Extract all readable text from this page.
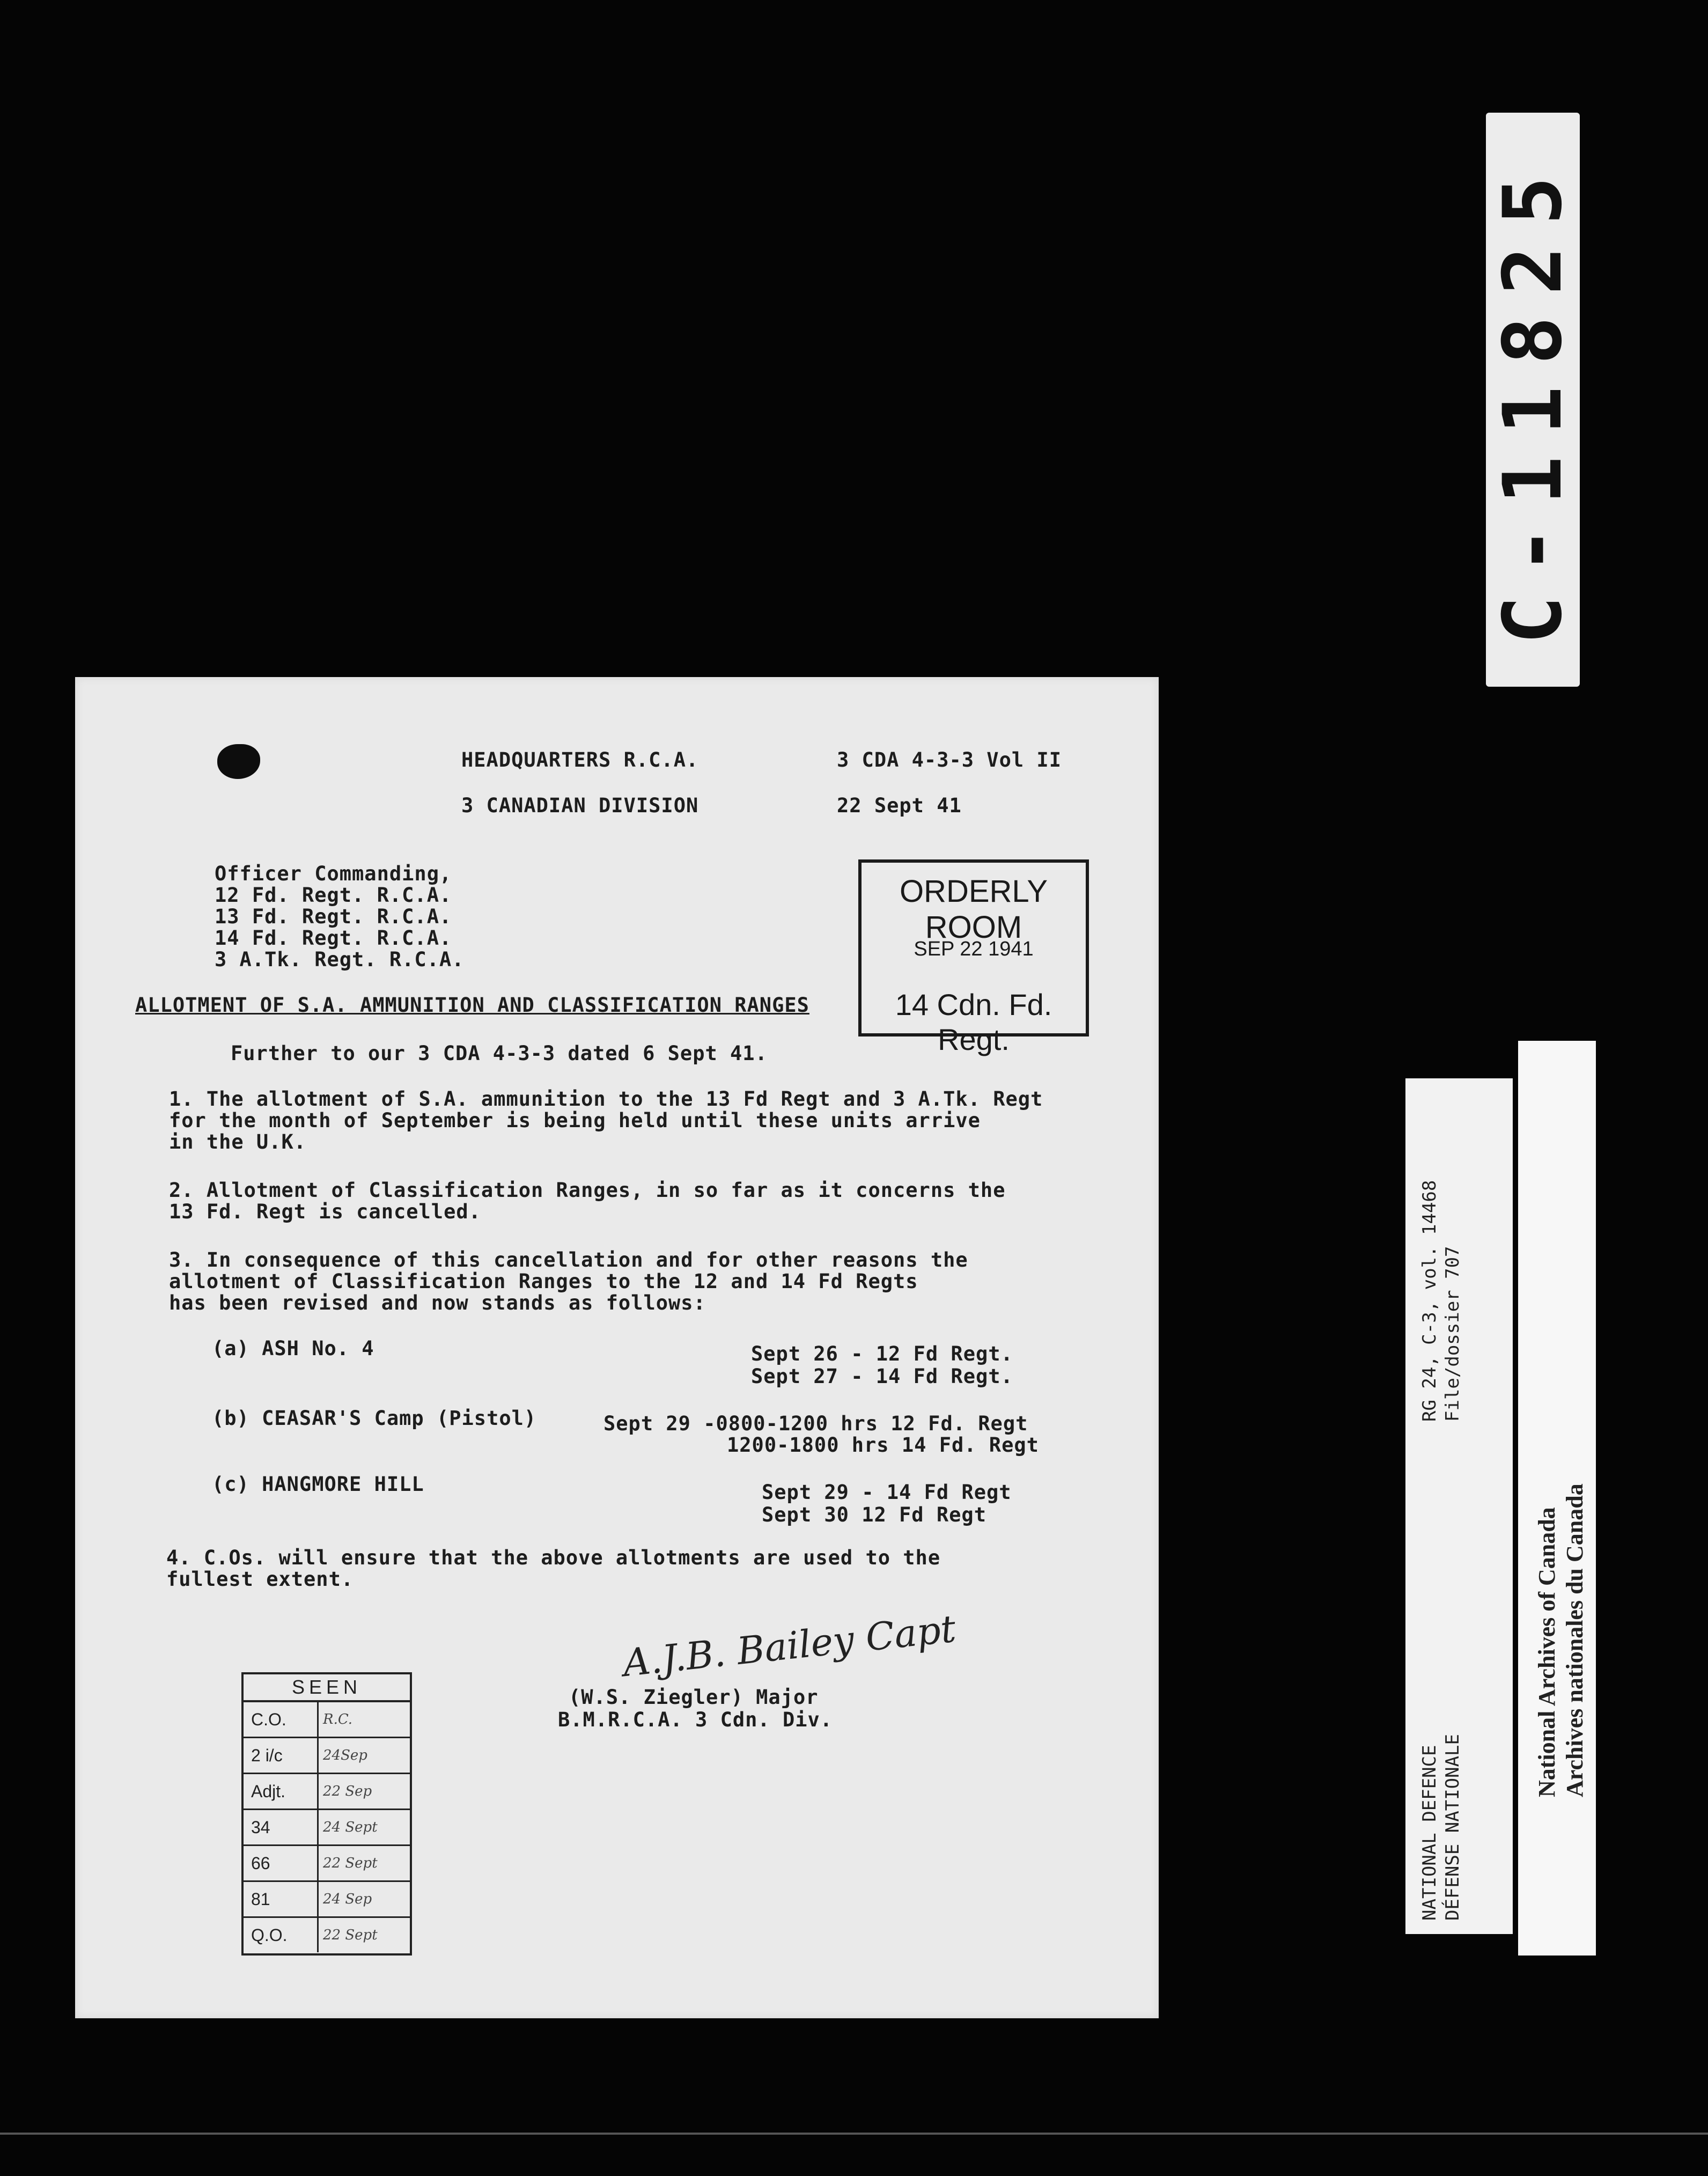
C-11825
RG 24, C-3, vol. 14468 File/dossier 707
NATIONAL DEFENCE DÉFENSE NATIONALE
National Archives of Canada Archives nationales du Canada
HEADQUARTERS R.C.A.
3 CANADIAN DIVISION
3 CDA 4-3-3 Vol II
22 Sept 41
Officer Commanding,
12 Fd. Regt. R.C.A.
13 Fd. Regt. R.C.A.
14 Fd. Regt. R.C.A.
3 A.Tk. Regt. R.C.A.
ALLOTMENT OF S.A. AMMUNITION AND CLASSIFICATION RANGES
ORDERLY ROOM
SEP 22 1941
14 Cdn. Fd. Regt.
Further to our 3 CDA 4-3-3 dated 6 Sept 41.
1. The allotment of S.A. ammunition to the 13 Fd Regt and 3 A.Tk. Regt
for the month of September is being held until these units arrive
in the U.K.
2. Allotment of Classification Ranges, in so far as it concerns the
13 Fd. Regt is cancelled.
3. In consequence of this cancellation and for other reasons the
allotment of Classification Ranges to the 12 and 14 Fd Regts
has been revised and now stands as follows:
(a) ASH No. 4	Sept 26 - 12 Fd Regt.
Sept 27 - 14 Fd Regt.
(b) CEASAR'S Camp (Pistol)	Sept 29 -0800-1200 hrs 12 Fd. Regt
1200-1800 hrs 14 Fd. Regt
(c) HANGMORE HILL	Sept 29 - 14 Fd Regt
Sept 30 12 Fd Regt
4. C.Os. will ensure that the above allotments are used to the
fullest extent.
A.J.B. Bailey Capt
(W.S. Ziegler) Major
B.M.R.C.A. 3 Cdn. Div.
SEEN
C.O.	R.C.
2 i/c	24Sep
Adjt.	22 Sep
34	24 Sept
66	22 Sept
81	24 Sep
Q.O.	22 Sept
